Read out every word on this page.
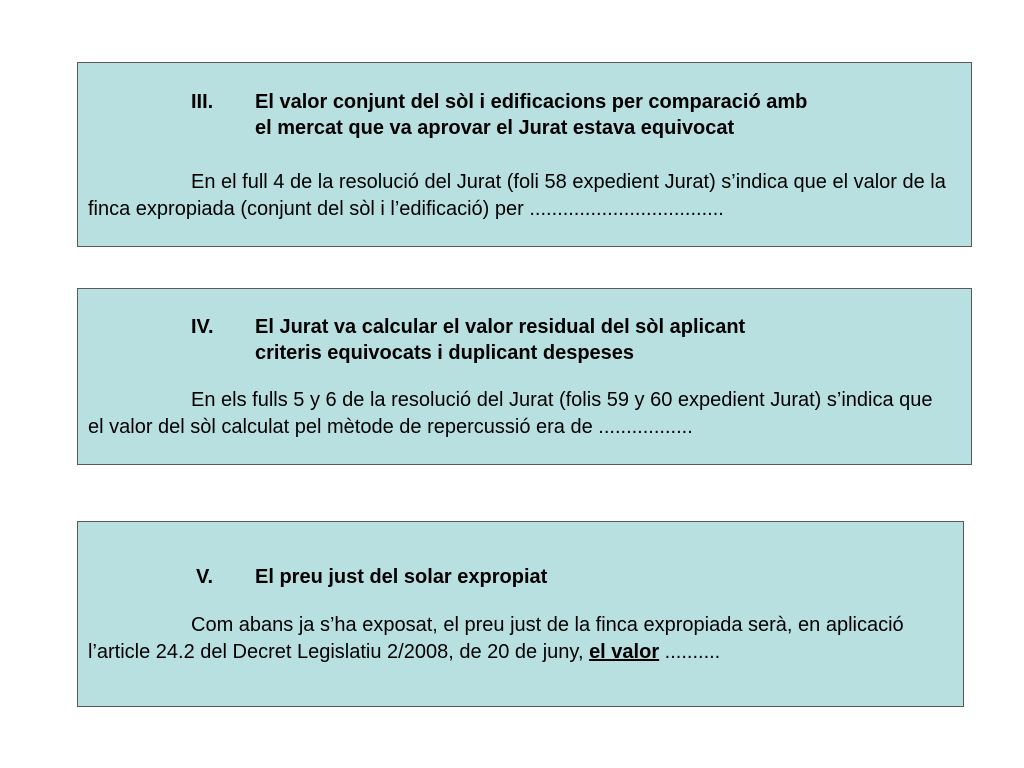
III. El valor conjunt del sòl i edificacions per comparació amb
el mercat que va aprovar el Jurat estava equivocat

En el full 4 de la resolució del Jurat (foli 58 expedient Jurat) s’indica que el valor de la finca expropiada (conjunt del sòl i l’edificació) per ...................................

IV. El Jurat va calcular el valor residual del sòl aplicant
criteris equivocats i duplicant despeses

En els fulls 5 y 6 de la resolució del Jurat (folis 59 y 60 expedient Jurat) s’indica que el valor del sòl calculat pel mètode de repercussió era de .................

V. El preu just del solar expropiat

Com abans ja s’ha exposat, el preu just de la finca expropiada serà, en aplicació l’article 24.2 del Decret Legislatiu 2/2008, de 20 de juny, el valor ..........
